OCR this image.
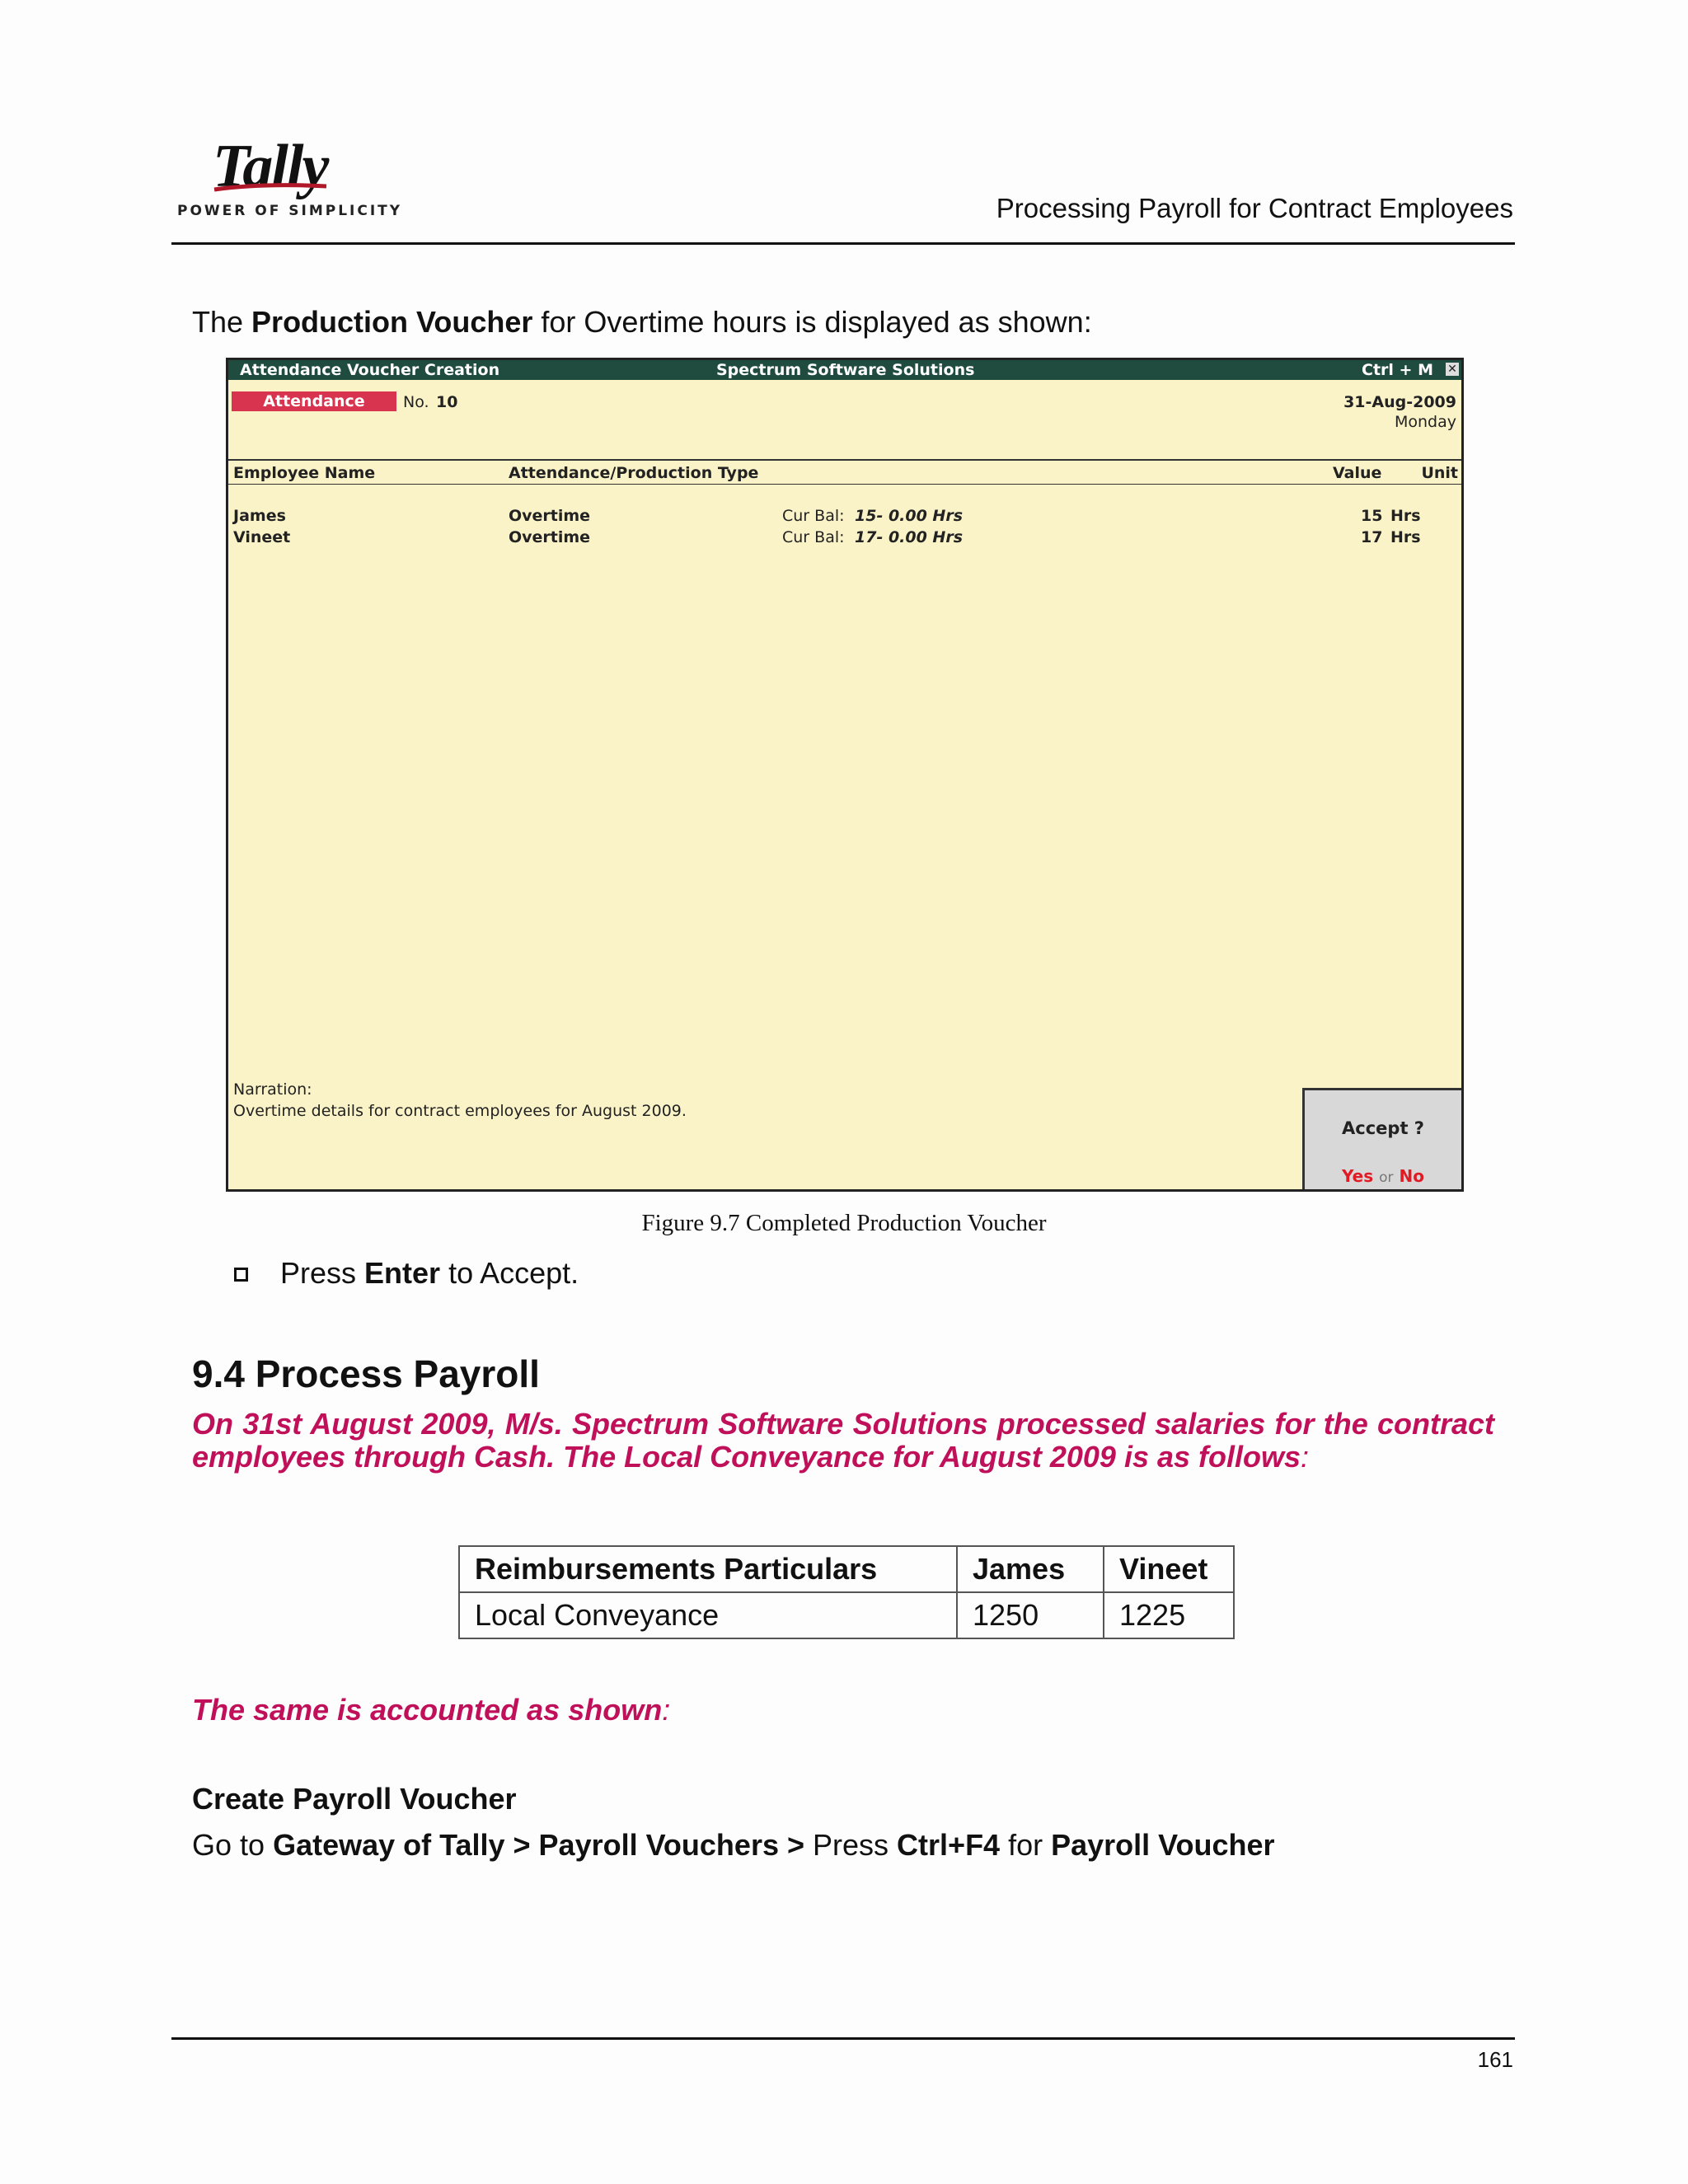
Tally
POWER OF SIMPLICITY	Processing Payroll for Contract Employees
The Production Voucher for Overtime hours is displayed as shown:
Attendance Voucher Creation	Spectrum Software Solutions	Ctrl + M ✕
Attendance	No. 10	31-Aug-2009
Monday
Employee Name	Attendance/Production Type	Value	Unit
James	Overtime	Cur Bal: 15- 0.00 Hrs	15 Hrs
Vineet	Overtime	Cur Bal: 17- 0.00 Hrs	17 Hrs
Narration:
Overtime details for contract employees for August 2009.
Accept ?
Yes or No
Figure 9.7 Completed Production Voucher
Press Enter to Accept.
9.4 Process Payroll
On 31st August 2009, M/s. Spectrum Software Solutions processed salaries for the contract employees through Cash. The Local Conveyance for August 2009 is as follows:
Reimbursements Particulars	James	Vineet
Local Conveyance	1250	1225
The same is accounted as shown:
Create Payroll Voucher
Go to Gateway of Tally > Payroll Vouchers > Press Ctrl+F4 for Payroll Voucher
161
